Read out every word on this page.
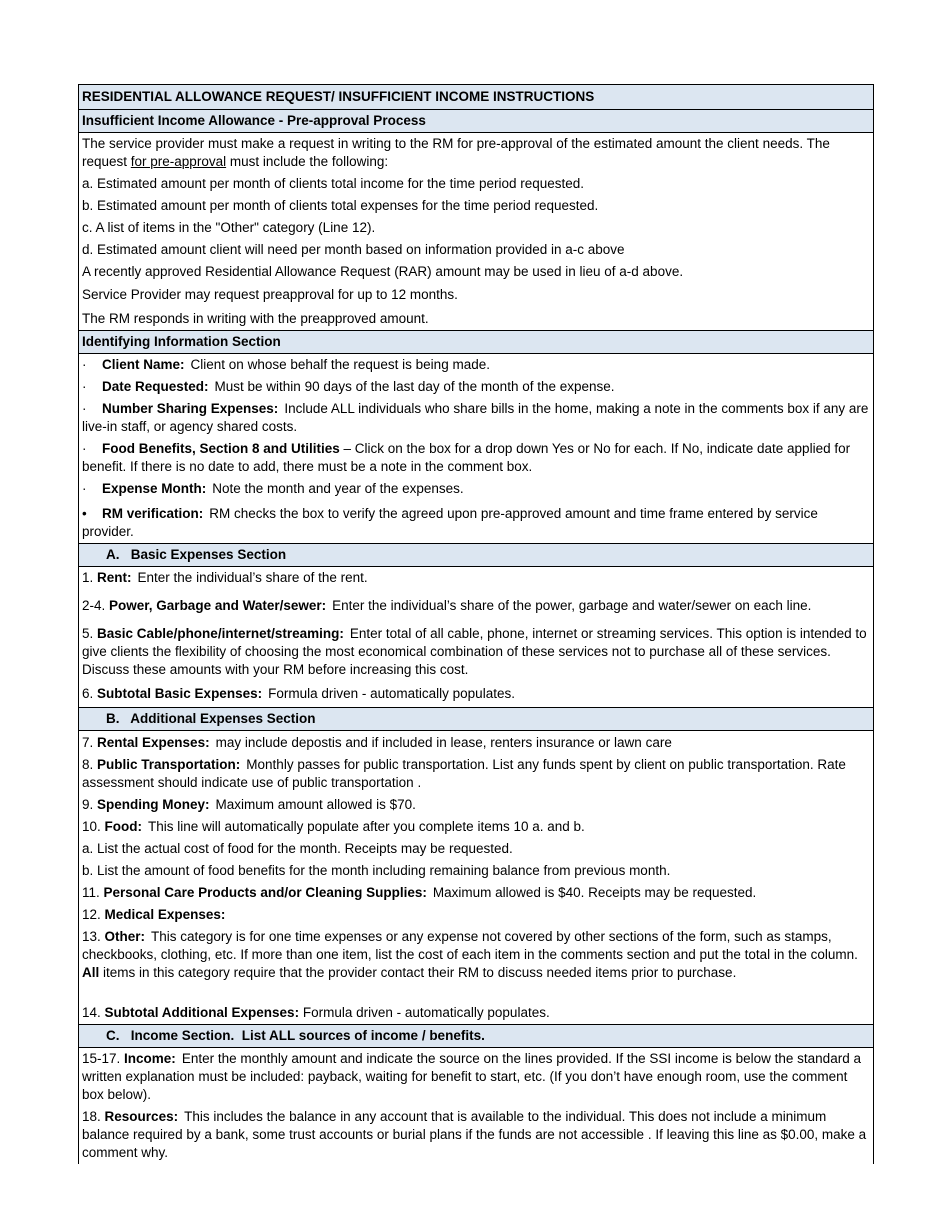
RESIDENTIAL ALLOWANCE REQUEST/ INSUFFICIENT INCOME INSTRUCTIONS
Insufficient Income Allowance - Pre-approval Process
The service provider must make a request in writing to the RM for pre-approval of the estimated amount the client needs. The request for pre-approval must include the following:
a. Estimated amount per month of clients total income for the time period requested.
b. Estimated amount per month of clients total expenses for the time period requested.
c. A list of items in the "Other" category (Line 12).
d. Estimated amount client will need per month based on information provided in a-c above
A recently approved Residential Allowance Request (RAR) amount may be used in lieu of a-d above.
Service Provider may request preapproval for up to 12 months.
The RM responds in writing with the preapproved amount.
Identifying Information Section
· Client Name: Client on whose behalf the request is being made.
· Date Requested: Must be within 90 days of the last day of the month of the expense.
· Number Sharing Expenses: Include ALL individuals who share bills in the home, making a note in the comments box if any are live-in staff, or agency shared costs.
· Food Benefits, Section 8 and Utilities – Click on the box for a drop down Yes or No for each. If No, indicate date applied for benefit. If there is no date to add, there must be a note in the comment box.
· Expense Month: Note the month and year of the expenses.
• RM verification: RM checks the box to verify the agreed upon pre-approved amount and time frame entered by service provider.
A.   Basic Expenses Section
1. Rent: Enter the individual’s share of the rent.
2-4. Power, Garbage and Water/sewer: Enter the individual’s share of the power, garbage and water/sewer on each line.
5. Basic Cable/phone/internet/streaming: Enter total of all cable, phone, internet or streaming services. This option is intended to give clients the flexibility of choosing the most economical combination of these services not to purchase all of these services. Discuss these amounts with your RM before increasing this cost.
6. Subtotal Basic Expenses: Formula driven - automatically populates.
B.   Additional Expenses Section
7. Rental Expenses: may include depostis and if included in lease, renters insurance or lawn care
8. Public Transportation: Monthly passes for public transportation. List any funds spent by client on public transportation. Rate assessment should indicate use of public transportation .
9. Spending Money: Maximum amount allowed is $70.
10. Food: This line will automatically populate after you complete items 10 a. and b.
a. List the actual cost of food for the month. Receipts may be requested.
b. List the amount of food benefits for the month including remaining balance from previous month.
11. Personal Care Products and/or Cleaning Supplies: Maximum allowed is $40. Receipts may be requested.
12. Medical Expenses:
13. Other: This category is for one time expenses or any expense not covered by other sections of the form, such as stamps, checkbooks, clothing, etc. If more than one item, list the cost of each item in the comments section and put the total in the column. All items in this category require that the provider contact their RM to discuss needed items prior to purchase.
14. Subtotal Additional Expenses: Formula driven - automatically populates.
C.   Income Section.  List ALL sources of income / benefits.
15-17. Income: Enter the monthly amount and indicate the source on the lines provided. If the SSI income is below the standard a written explanation must be included: payback, waiting for benefit to start, etc. (If you don’t have enough room, use the comment box below).
18. Resources: This includes the balance in any account that is available to the individual. This does not include a minimum balance required by a bank, some trust accounts or burial plans if the funds are not accessible . If leaving this line as $0.00, make a comment why.
